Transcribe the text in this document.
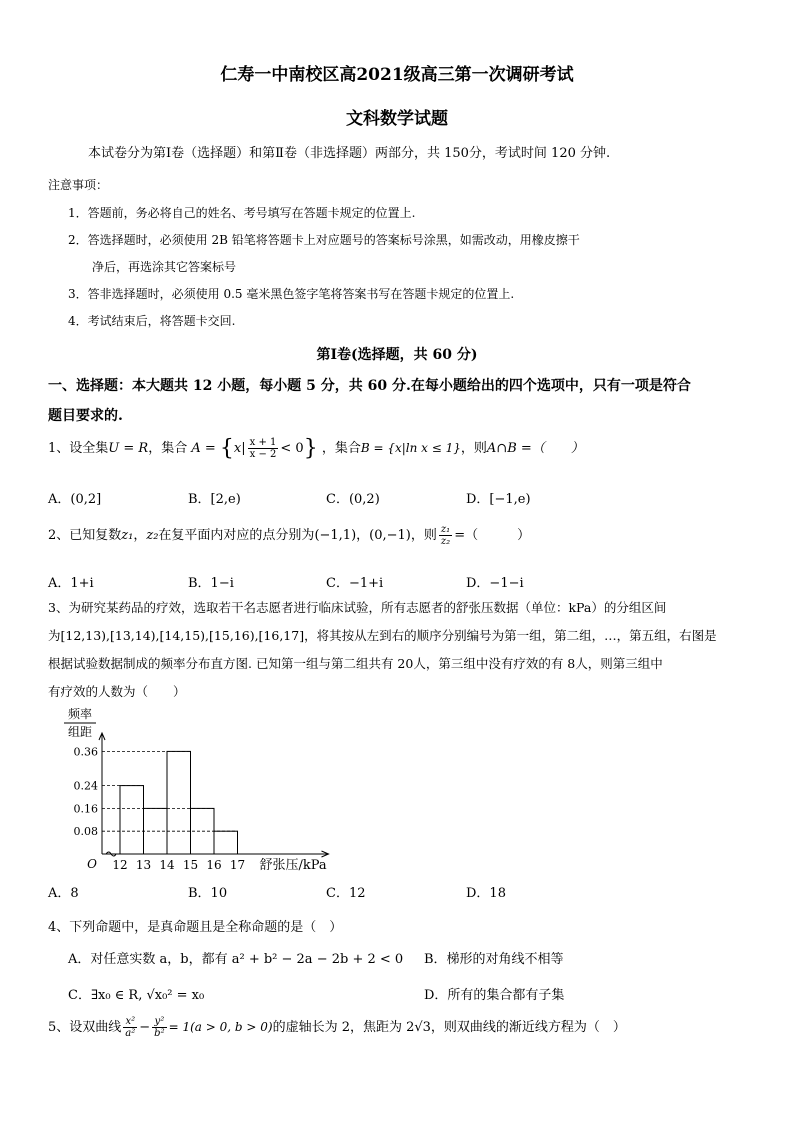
仁寿一中南校区高2021级高三第一次调研考试
文科数学试题
本试卷分为第Ⅰ卷（选择题）和第Ⅱ卷（非选择题）两部分，共 150分，考试时间 120 分钟.
注意事项：
1．答题前，务必将自己的姓名、考号填写在答题卡规定的位置上.
2．答选择题时，必须使用 2B 铅笔将答题卡上对应题号的答案标号涂黑，如需改动，用橡皮擦干
净后，再选涂其它答案标号
3．答非选择题时，必须使用 0.5 毫米黑色签字笔将答案书写在答题卡规定的位置上.
4．考试结束后，将答题卡交回.
第Ⅰ卷(选择题，共 60 分)
一、选择题：本大题共 12 小题，每小题 5 分，共 60 分.在每小题给出的四个选项中，只有一项是符合
题目要求的.
1、设全集U = R，集合 $A = \{x| \frac{x + 1}{x - 2} < 0\}$ ，集合B = {x|ln x ≤ 1}，则A∩B =（　　）
A．(0,2]	B．[2,e)	C．(0,2)	D．[−1,e)
2、已知复数z₁，z₂在复平面内对应的点分别为(−1,1)，(0,−1)，则 $\frac{\text{z₁}}{\text{z₂}}$ =（　　　）
A．1+i	B．1−i	C．−1+i	D．−1−i
3、为研究某药品的疗效，选取若干名志愿者进行临床试验，所有志愿者的舒张压数据（单位：kPa）的分组区间
为[12,13),[13,14),[14,15),[15,16),[16,17]，将其按从左到右的顺序分别编号为第一组，第二组，…，第五组，右图是
根据试验数据制成的频率分布直方图. 已知第一组与第二组共有 20人，第三组中没有疗效的有 8人，则第三组中
有疗效的人数为（　　）
频率
组距
O
0.08
0.16
0.24
0.36
12 13 14 15 16 17 舒张压/kPa
A．8	B．10	C．12	D．18
4、下列命题中，是真命题且是全称命题的是（　）
A．对任意实数 a，b，都有 a² + b² − 2a − 2b + 2 < 0 B．梯形的对角线不相等
C．∃x₀ ∈ R, √x₀² = x₀	D．所有的集合都有子集
5、设双曲线 $\frac{\text{x²}}{\text{a²}} - \frac{\text{y²}}{\text{b²}} = 1(a > 0$, b > 0)的虚轴长为 2，焦距为 2√3，则双曲线的渐近线方程为（　）
